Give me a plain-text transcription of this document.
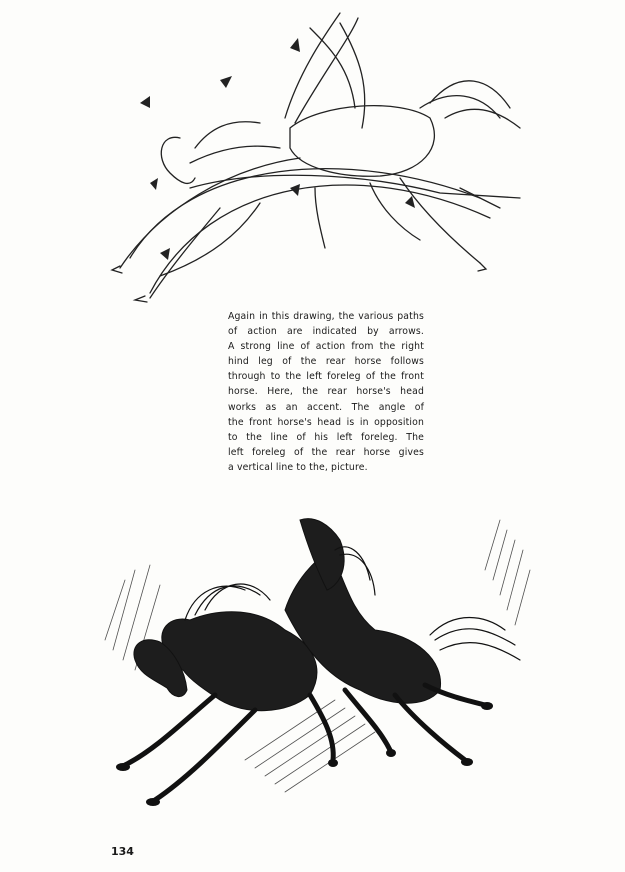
Again in this drawing, the various paths
of action are indicated by arrows.
A strong line of action from the right
hind leg of the rear horse follows
through to the left foreleg of the front
horse. Here, the rear horse's head
works as an accent. The angle of
the front horse's head is in opposition
to the line of his left foreleg. The
left foreleg of the rear horse gives
a vertical line to the, picture.
134
